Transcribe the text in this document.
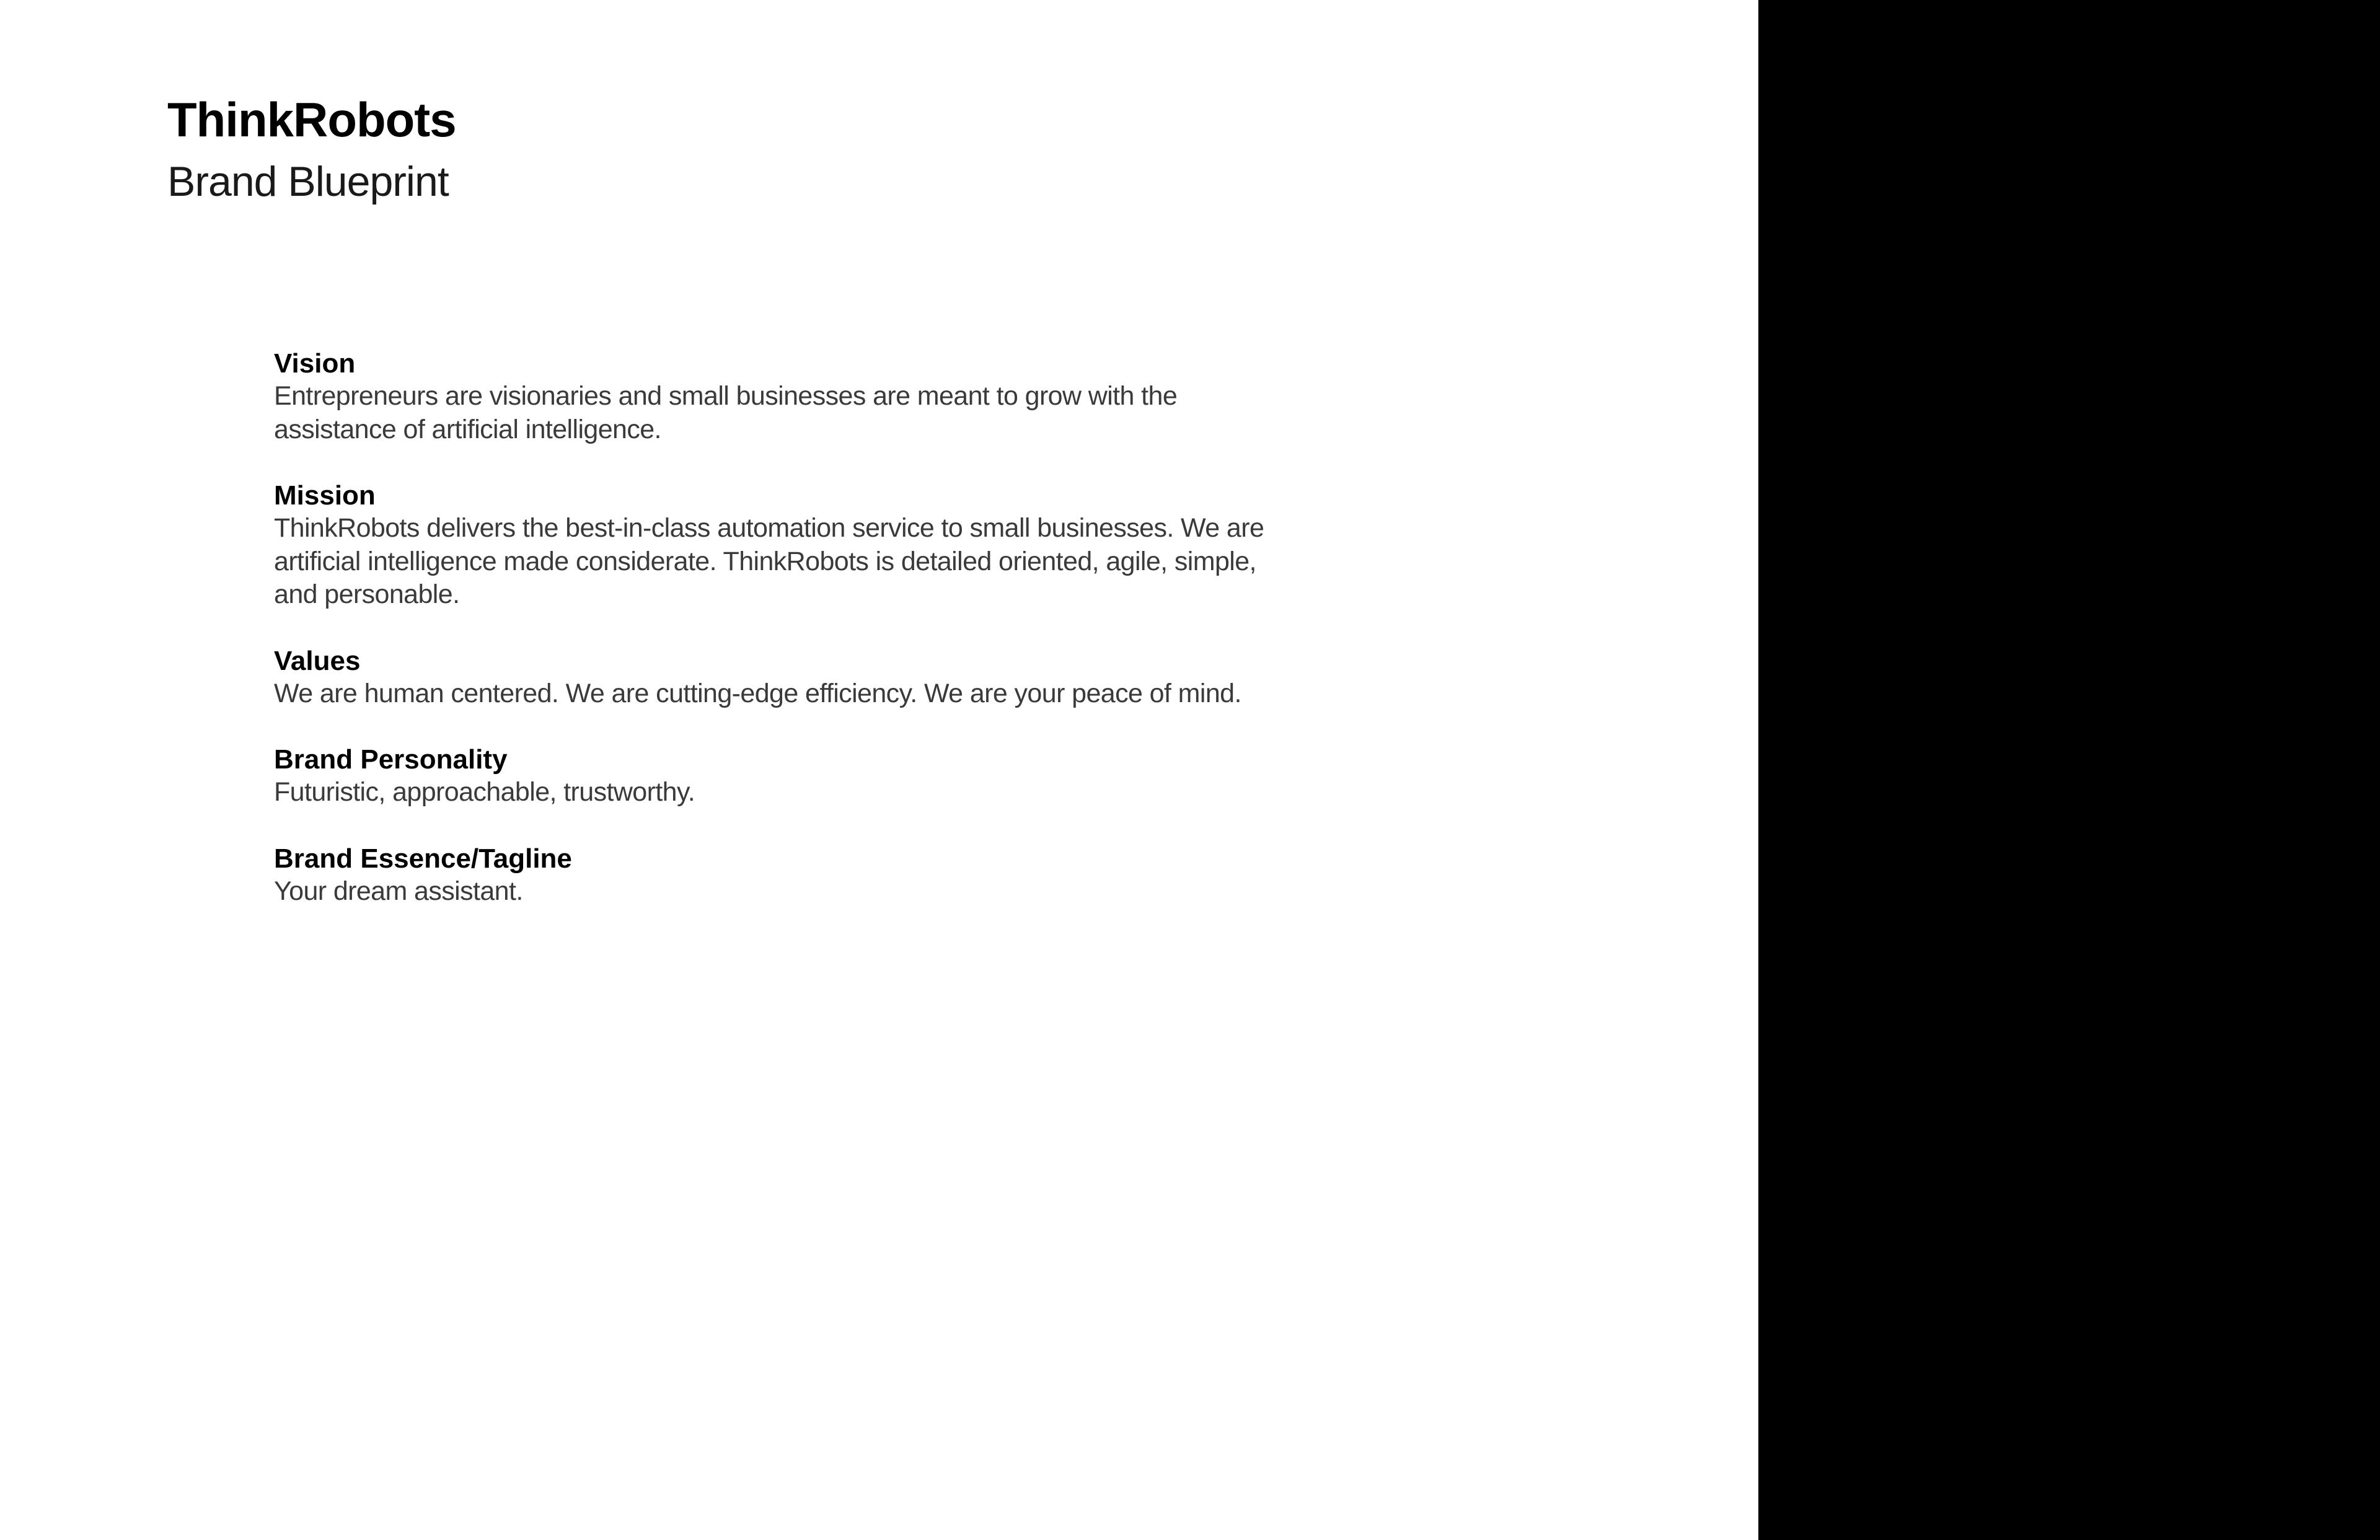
ThinkRobots
Brand Blueprint

Vision

Entrepreneurs are visionaries and small businesses are meant to grow with the assistance of artificial intelligence.

Mission

ThinkRobots delivers the best-in-class automation service to small businesses. We are artificial intelligence made considerate. ThinkRobots is detailed oriented, agile, simple, and personable.

Values

We are human centered. We are cutting-edge efficiency. We are your peace of mind.

Brand Personality

Futuristic, approachable, trustworthy.

Brand Essence/Tagline

Your dream assistant.
